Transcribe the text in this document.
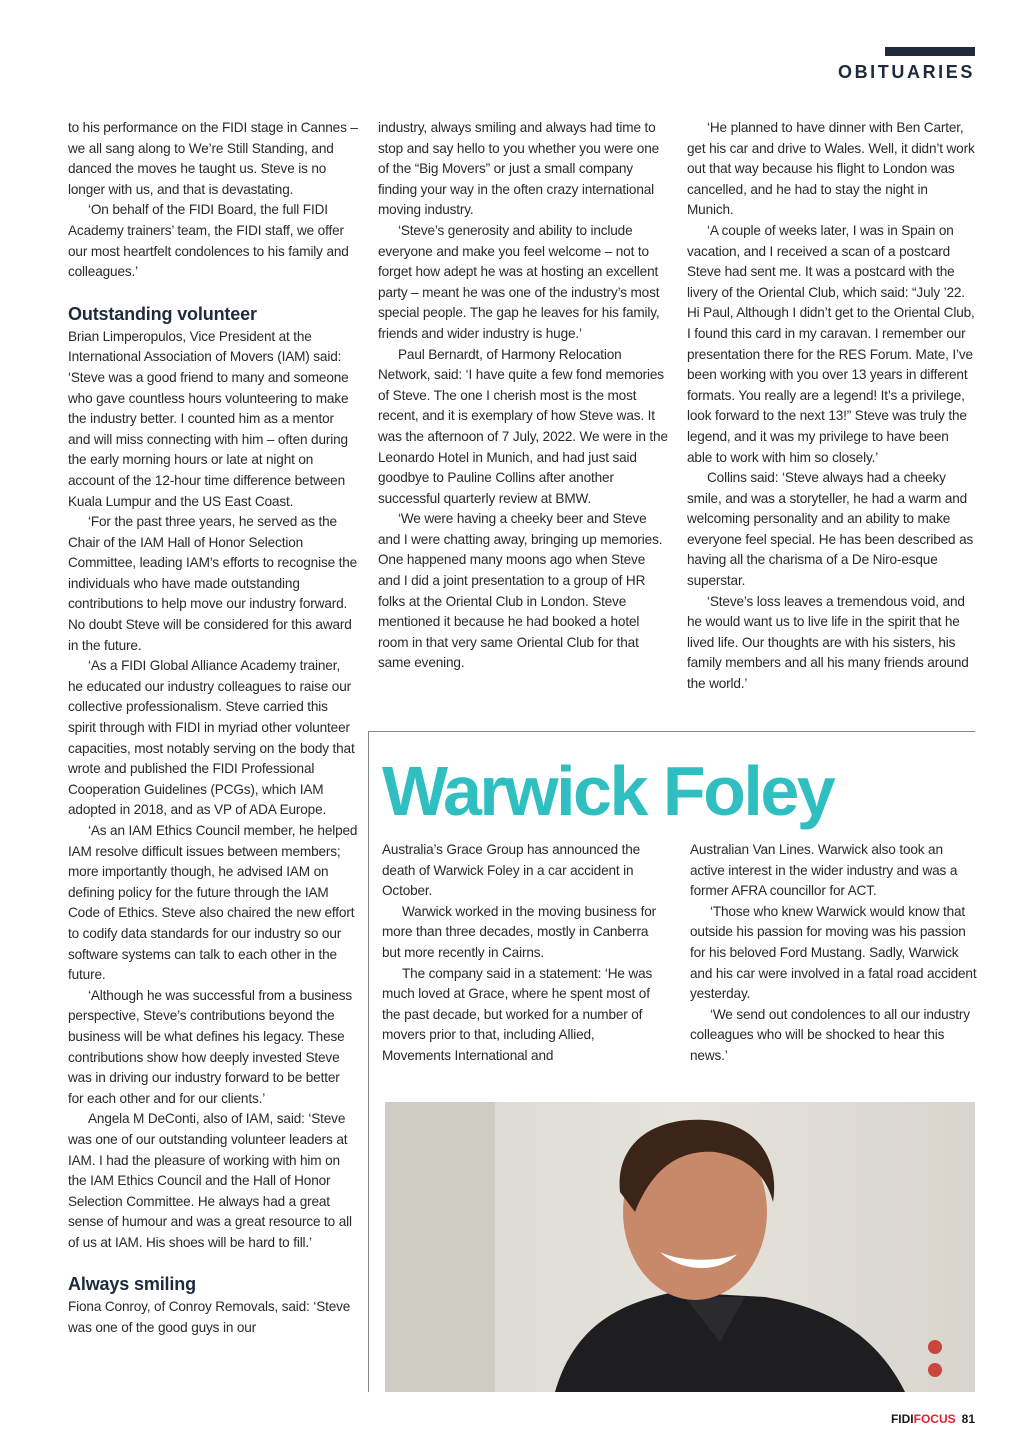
OBITUARIES

to his performance on the FIDI stage in Cannes – we all sang along to We’re Still Standing, and danced the moves he taught us. Steve is no longer with us, and that is devastating.

‘On behalf of the FIDI Board, the full FIDI Academy trainers’ team, the FIDI staff, we offer our most heartfelt condolences to his family and colleagues.’

Outstanding volunteer

Brian Limperopulos, Vice President at the International Association of Movers (IAM) said: ‘Steve was a good friend to many and someone who gave countless hours volunteering to make the industry better. I counted him as a mentor and will miss connecting with him – often during the early morning hours or late at night on account of the 12-hour time difference between Kuala Lumpur and the US East Coast.

‘For the past three years, he served as the Chair of the IAM Hall of Honor Selection Committee, leading IAM’s efforts to recognise the individuals who have made outstanding contributions to help move our industry forward. No doubt Steve will be considered for this award in the future.

‘As a FIDI Global Alliance Academy trainer, he educated our industry colleagues to raise our collective professionalism. Steve carried this spirit through with FIDI in myriad other volunteer capacities, most notably serving on the body that wrote and published the FIDI Professional Cooperation Guidelines (PCGs), which IAM adopted in 2018, and as VP of ADA Europe.

‘As an IAM Ethics Council member, he helped IAM resolve difficult issues between members; more importantly though, he advised IAM on defining policy for the future through the IAM Code of Ethics. Steve also chaired the new effort to codify data standards for our industry so our software systems can talk to each other in the future.

‘Although he was successful from a business perspective, Steve’s contributions beyond the business will be what defines his legacy. These contributions show how deeply invested Steve was in driving our industry forward to be better for each other and for our clients.’

Angela M DeConti, also of IAM, said: ‘Steve was one of our outstanding volunteer leaders at IAM. I had the pleasure of working with him on the IAM Ethics Council and the Hall of Honor Selection Committee. He always had a great sense of humour and was a great resource to all of us at IAM. His shoes will be hard to fill.’

Always smiling

Fiona Conroy, of Conroy Removals, said: ‘Steve was one of the good guys in our

industry, always smiling and always had time to stop and say hello to you whether you were one of the “Big Movers” or just a small company finding your way in the often crazy international moving industry.

‘Steve’s generosity and ability to include everyone and make you feel welcome – not to forget how adept he was at hosting an excellent party – meant he was one of the industry’s most special people. The gap he leaves for his family, friends and wider industry is huge.’

Paul Bernardt, of Harmony Relocation Network, said: ‘I have quite a few fond memories of Steve. The one I cherish most is the most recent, and it is exemplary of how Steve was. It was the afternoon of 7 July, 2022. We were in the Leonardo Hotel in Munich, and had just said goodbye to Pauline Collins after another successful quarterly review at BMW.

‘We were having a cheeky beer and Steve and I were chatting away, bringing up memories. One happened many moons ago when Steve and I did a joint presentation to a group of HR folks at the Oriental Club in London. Steve mentioned it because he had booked a hotel room in that very same Oriental Club for that same evening.

‘He planned to have dinner with Ben Carter, get his car and drive to Wales. Well, it didn’t work out that way because his flight to London was cancelled, and he had to stay the night in Munich.

‘A couple of weeks later, I was in Spain on vacation, and I received a scan of a postcard Steve had sent me. It was a postcard with the livery of the Oriental Club, which said: “July ’22. Hi Paul, Although I didn’t get to the Oriental Club, I found this card in my caravan. I remember our presentation there for the RES Forum. Mate, I’ve been working with you over 13 years in different formats. You really are a legend! It’s a privilege, look forward to the next 13!” Steve was truly the legend, and it was my privilege to have been able to work with him so closely.’

Collins said: ‘Steve always had a cheeky smile, and was a storyteller, he had a warm and welcoming personality and an ability to make everyone feel special. He has been described as having all the charisma of a De Niro-esque superstar.

‘Steve’s loss leaves a tremendous void, and he would want us to live life in the spirit that he lived life. Our thoughts are with his sisters, his family members and all his many friends around the world.’

Warwick Foley

Australia’s Grace Group has announced the death of Warwick Foley in a car accident in October.

Warwick worked in the moving business for more than three decades, mostly in Canberra but more recently in Cairns.

The company said in a statement: ‘He was much loved at Grace, where he spent most of the past decade, but worked for a number of movers prior to that, including Allied, Movements International and

Australian Van Lines. Warwick also took an active interest in the wider industry and was a former AFRA councillor for ACT.

‘Those who knew Warwick would know that outside his passion for moving was his passion for his beloved Ford Mustang. Sadly, Warwick and his car were involved in a fatal road accident yesterday.

‘We send out condolences to all our industry colleagues who will be shocked to hear this news.’

FIDIFOCUS 81
